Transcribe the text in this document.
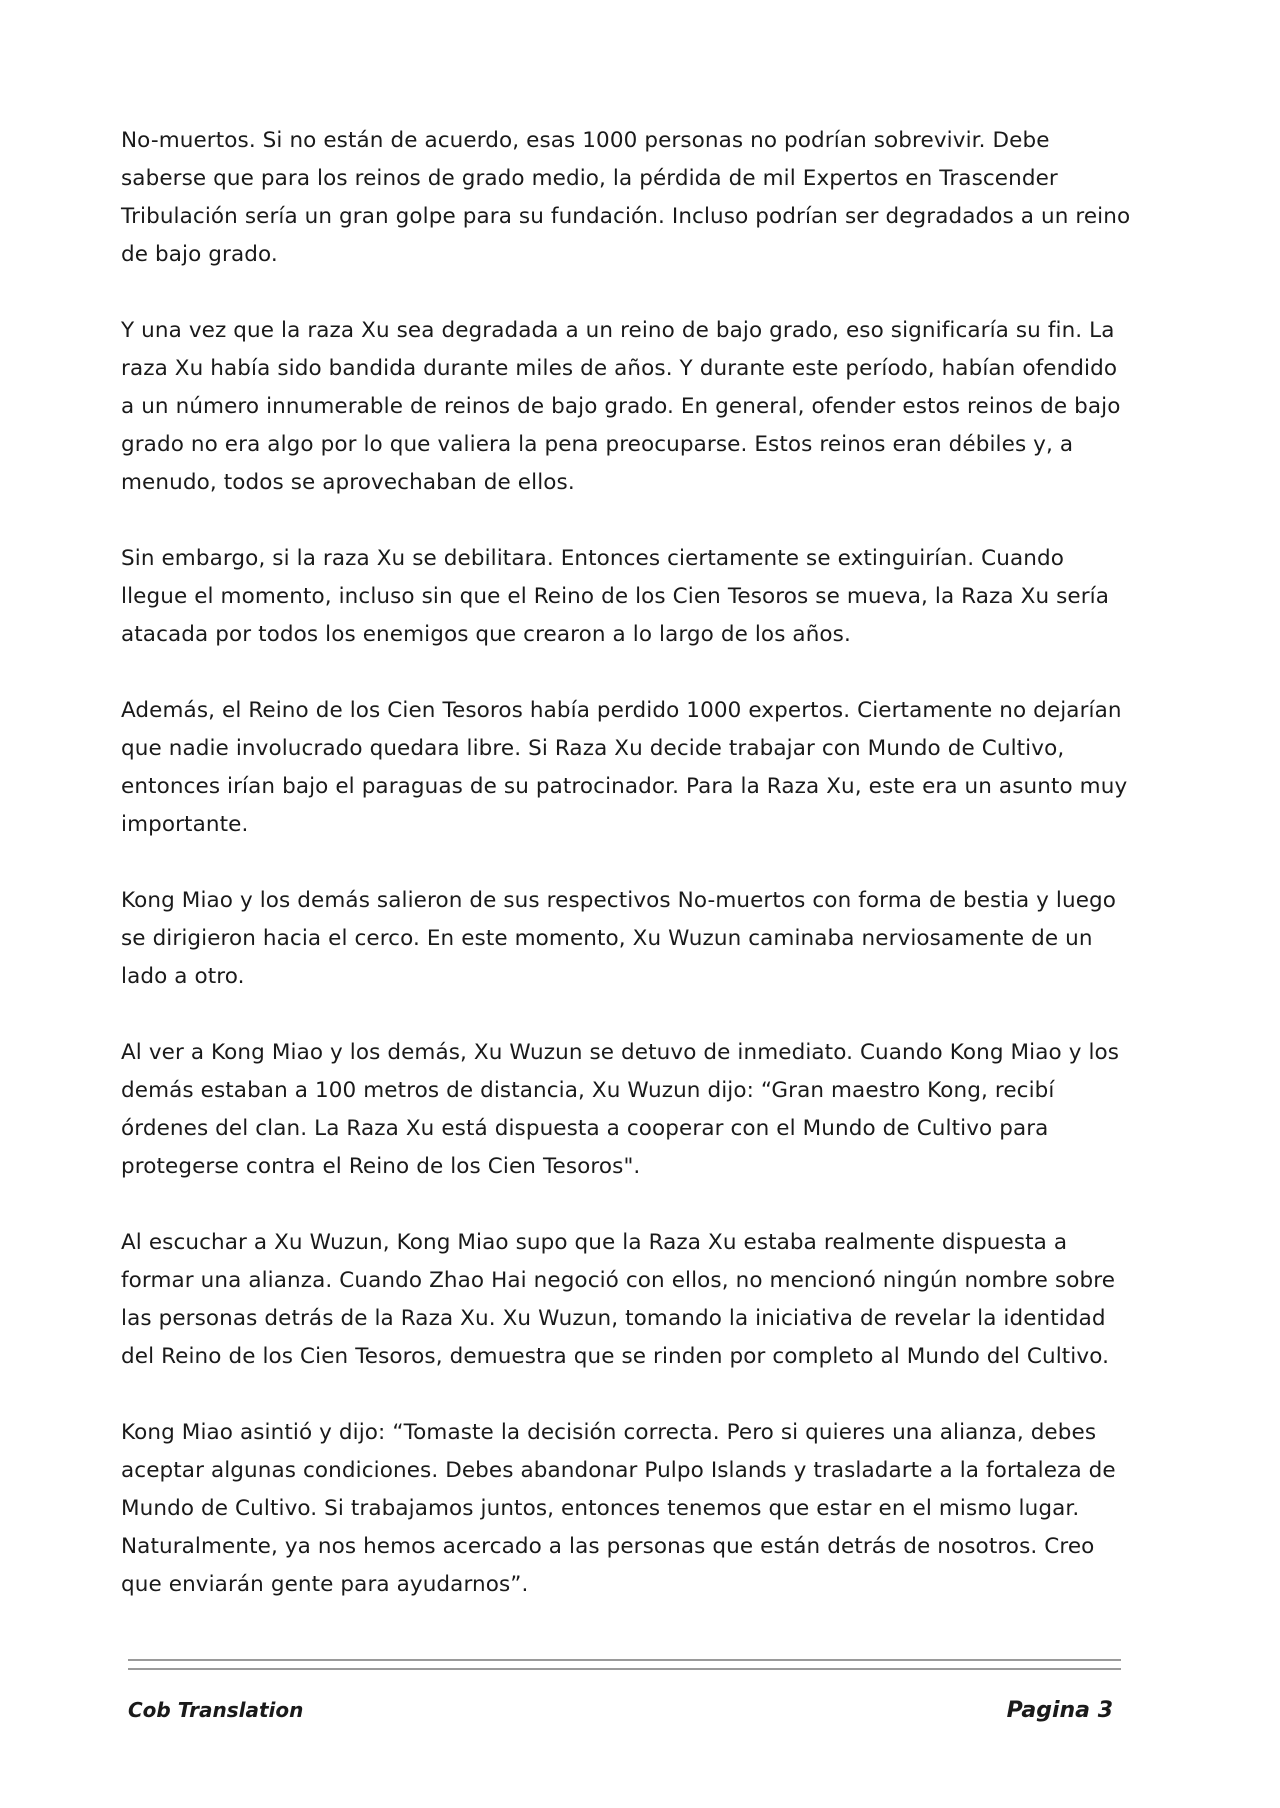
No-muertos. Si no están de acuerdo, esas 1000 personas no podrían sobrevivir. Debe saberse que para los reinos de grado medio, la pérdida de mil Expertos en Trascender Tribulación sería un gran golpe para su fundación. Incluso podrían ser degradados a un reino de bajo grado.

Y una vez que la raza Xu sea degradada a un reino de bajo grado, eso significaría su fin. La raza Xu había sido bandida durante miles de años. Y durante este período, habían ofendido a un número innumerable de reinos de bajo grado. En general, ofender estos reinos de bajo grado no era algo por lo que valiera la pena preocuparse. Estos reinos eran débiles y, a menudo, todos se aprovechaban de ellos.

Sin embargo, si la raza Xu se debilitara. Entonces ciertamente se extinguirían. Cuando llegue el momento, incluso sin que el Reino de los Cien Tesoros se mueva, la Raza Xu sería atacada por todos los enemigos que crearon a lo largo de los años.

Además, el Reino de los Cien Tesoros había perdido 1000 expertos. Ciertamente no dejarían que nadie involucrado quedara libre. Si Raza Xu decide trabajar con Mundo de Cultivo, entonces irían bajo el paraguas de su patrocinador. Para la Raza Xu, este era un asunto muy importante.

Kong Miao y los demás salieron de sus respectivos No-muertos con forma de bestia y luego se dirigieron hacia el cerco. En este momento, Xu Wuzun caminaba nerviosamente de un lado a otro.

Al ver a Kong Miao y los demás, Xu Wuzun se detuvo de inmediato. Cuando Kong Miao y los demás estaban a 100 metros de distancia, Xu Wuzun dijo: “Gran maestro Kong, recibí órdenes del clan. La Raza Xu está dispuesta a cooperar con el Mundo de Cultivo para protegerse contra el Reino de los Cien Tesoros".

Al escuchar a Xu Wuzun, Kong Miao supo que la Raza Xu estaba realmente dispuesta a formar una alianza. Cuando Zhao Hai negoció con ellos, no mencionó ningún nombre sobre las personas detrás de la Raza Xu. Xu Wuzun, tomando la iniciativa de revelar la identidad del Reino de los Cien Tesoros, demuestra que se rinden por completo al Mundo del Cultivo.

Kong Miao asintió y dijo: “Tomaste la decisión correcta. Pero si quieres una alianza, debes aceptar algunas condiciones. Debes abandonar Pulpo Islands y trasladarte a la fortaleza de Mundo de Cultivo. Si trabajamos juntos, entonces tenemos que estar en el mismo lugar. Naturalmente, ya nos hemos acercado a las personas que están detrás de nosotros. Creo que enviarán gente para ayudarnos”.

Cob Translation	Pagina 3
